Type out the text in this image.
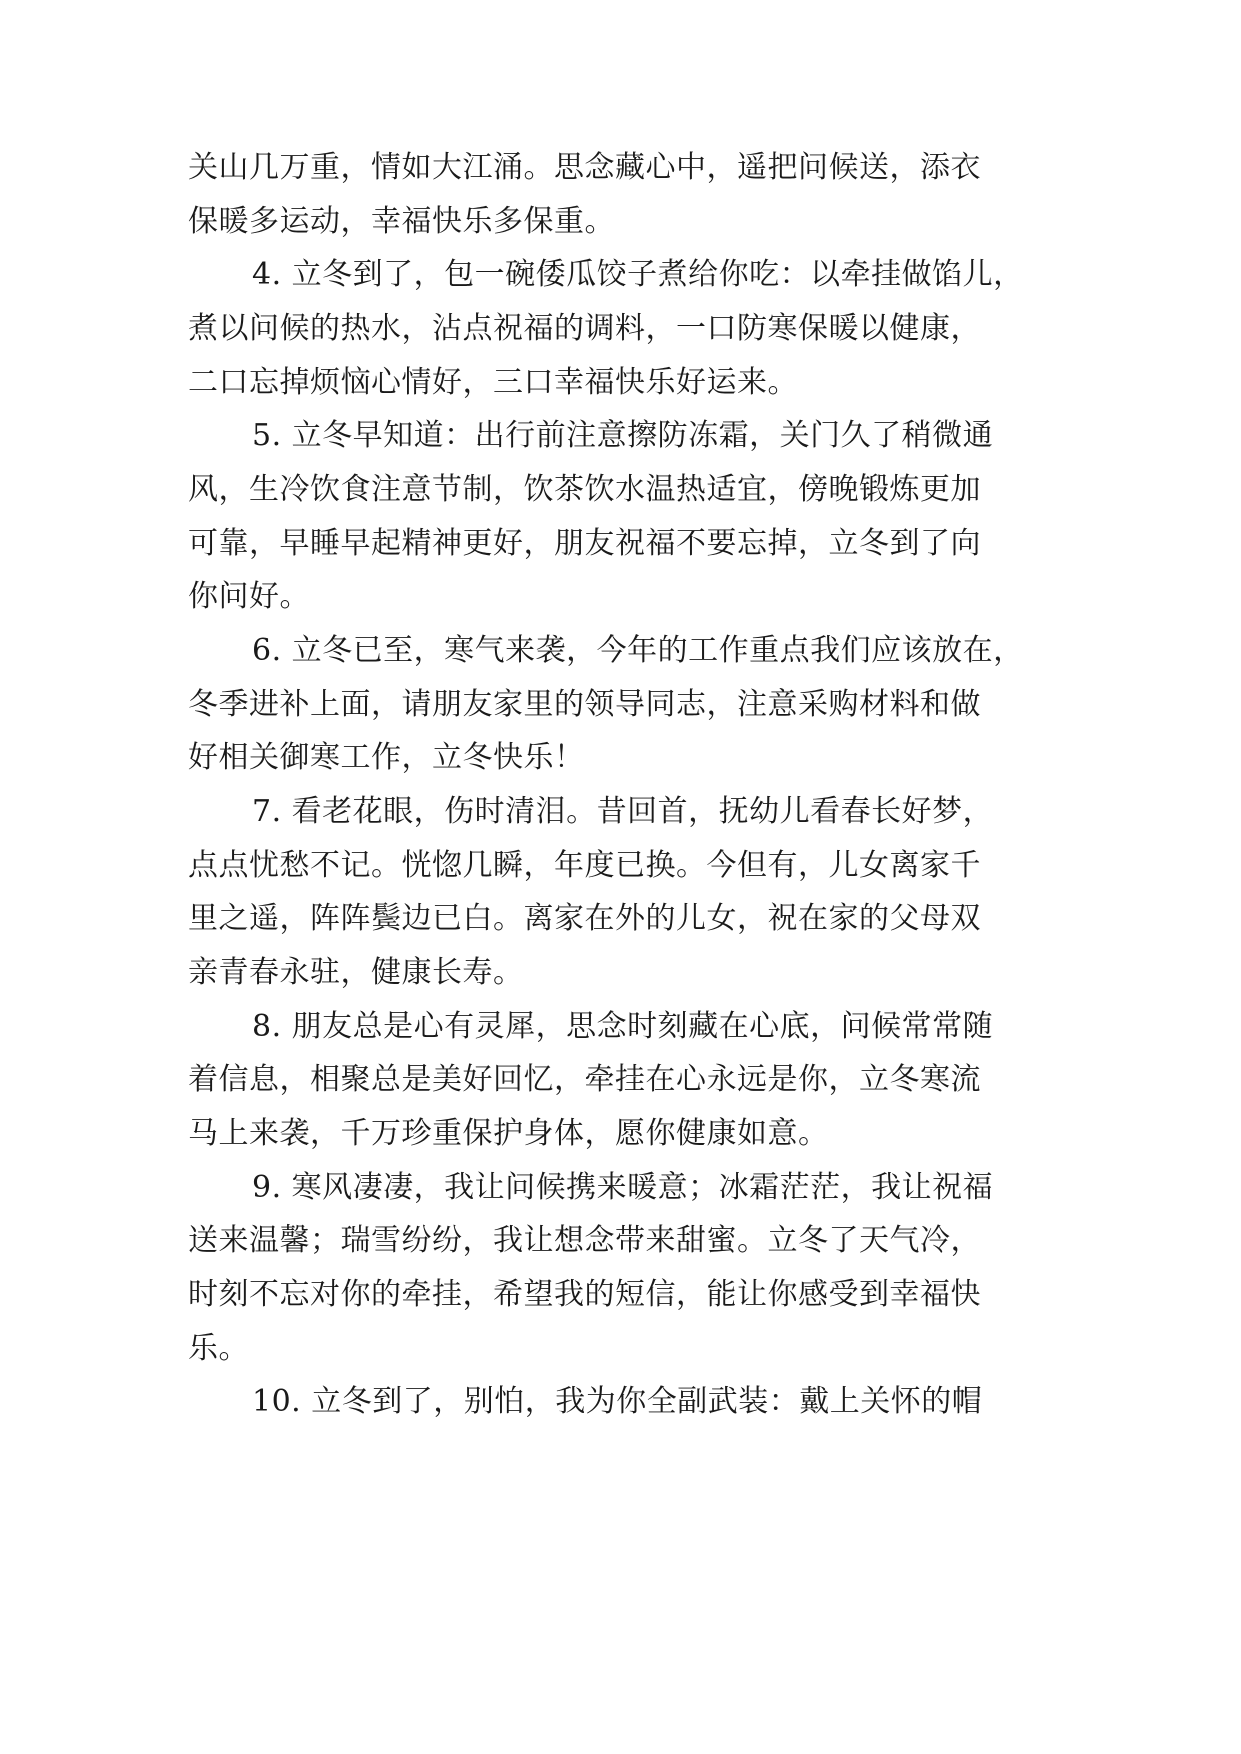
关山几万重，情如大江涌。思念藏心中，遥把问候送，添衣

保暖多运动，幸福快乐多保重。

4. 立冬到了，包一碗倭瓜饺子煮给你吃：以牵挂做馅儿，

煮以问候的热水，沾点祝福的调料，一口防寒保暖以健康，

二口忘掉烦恼心情好，三口幸福快乐好运来。

5. 立冬早知道：出行前注意擦防冻霜，关门久了稍微通

风，生冷饮食注意节制，饮茶饮水温热适宜，傍晚锻炼更加

可靠，早睡早起精神更好，朋友祝福不要忘掉，立冬到了向

你问好。

6. 立冬已至，寒气来袭，今年的工作重点我们应该放在，

冬季进补上面，请朋友家里的领导同志，注意采购材料和做

好相关御寒工作，立冬快乐！

7. 看老花眼，伤时清泪。昔回首，抚幼儿看春长好梦，

点点忧愁不记。恍惚几瞬，年度已换。今但有，儿女离家千

里之遥，阵阵鬓边已白。离家在外的儿女，祝在家的父母双

亲青春永驻，健康长寿。

8. 朋友总是心有灵犀，思念时刻藏在心底，问候常常随

着信息，相聚总是美好回忆，牵挂在心永远是你，立冬寒流

马上来袭，千万珍重保护身体，愿你健康如意。

9. 寒风凄凄，我让问候携来暖意；冰霜茫茫，我让祝福

送来温馨；瑞雪纷纷，我让想念带来甜蜜。立冬了天气冷，

时刻不忘对你的牵挂，希望我的短信，能让你感受到幸福快

乐。

10. 立冬到了，别怕，我为你全副武装：戴上关怀的帽
